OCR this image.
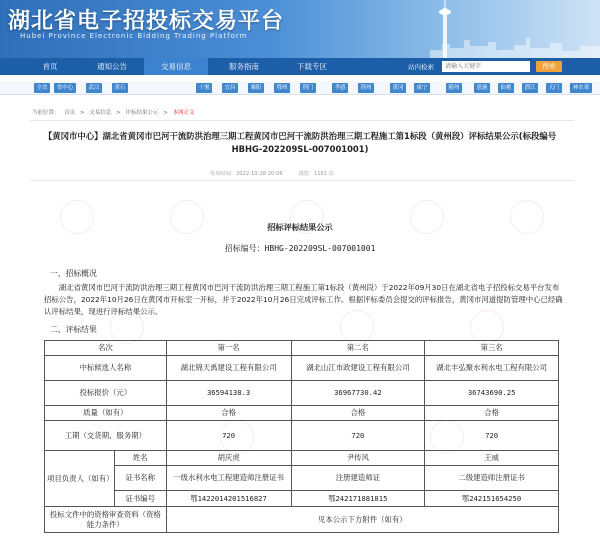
湖北省电子招投标交易平台
Hubei Province Electronic Bidding Trading Platform
首页	通知公告	交易信息	服务指南	下载专区	站内检索
请输入关键字	搜索
全省	省中心	武汉	黄石	十堰	宜昌	襄阳	鄂州	荆门	孝感	荆州	黄冈	咸宁	随州	恩施	仙桃	潜江	天门	神农架
当前位置： 首页 > 交易信息 > 评标结果公示 > 本网正文
【黄冈市中心】湖北省黄冈市巴河干流防洪治理三期工程黄冈市巴河干流防洪治理三期工程施工第1标段（黄州段）评标结果公示(标段编号HBHG-202209SL-007001001)
发布时间：2022-10-28 20:06	浏览：1161 次
招标评标结果公示
招标编号：HBHG-202209SL-007001001
一、招标概况
湖北省黄冈市巴河干流防洪治理三期工程黄冈市巴河干流防洪治理三期工程施工第1标段（黄州段）于2022年09月30日在湖北省电子招投标交易平台发布招标公告，2022年10月26日在黄冈市开标室一开标，并于2022年10月26日完成评标工作。根据评标委员会提交的评标报告，黄冈市河道提防管理中心已经确认评标结果，现进行评标结果公示。
二、评标结果
名次		第一名	第二名	第三名
中标候选人名称		湖北锦天禹建设工程有限公司	湖北山江市政建设工程有限公司	湖北丰弘聚水利水电工程有限公司
投标报价（元）		36594138.3	36967730.42	36743690.25
质量（如有）		合格	合格	合格
工期（交货期、服务期）		720	720	720
项目负责人（如有）	姓名	胡庆虎	尹传风	王威
	证书名称	一级水利水电工程建造师注册证书	注册建造师证	二级建造师注册证书
	证书编号	鄂1422014201516827	鄂242171881815	鄂242151654250
投标文件中的资格审查资料（资格能力条件）		见本公示下方附件（如有）		
